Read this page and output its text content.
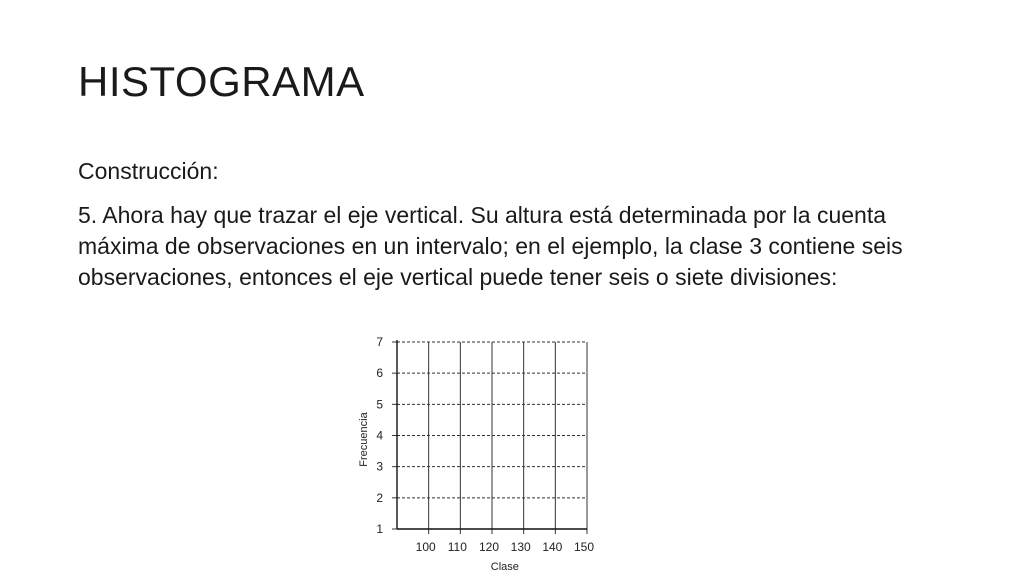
HISTOGRAMA

Construcción:

5. Ahora hay que trazar el eje vertical. Su altura está determinada por la cuenta máxima de observaciones en un intervalo; en el ejemplo, la clase 3 contiene seis observaciones, entonces el eje vertical puede tener seis o siete divisiones:

1
2
3
4
5
6
7
100 110 120 130 140 150
Frecuencia
Clase
